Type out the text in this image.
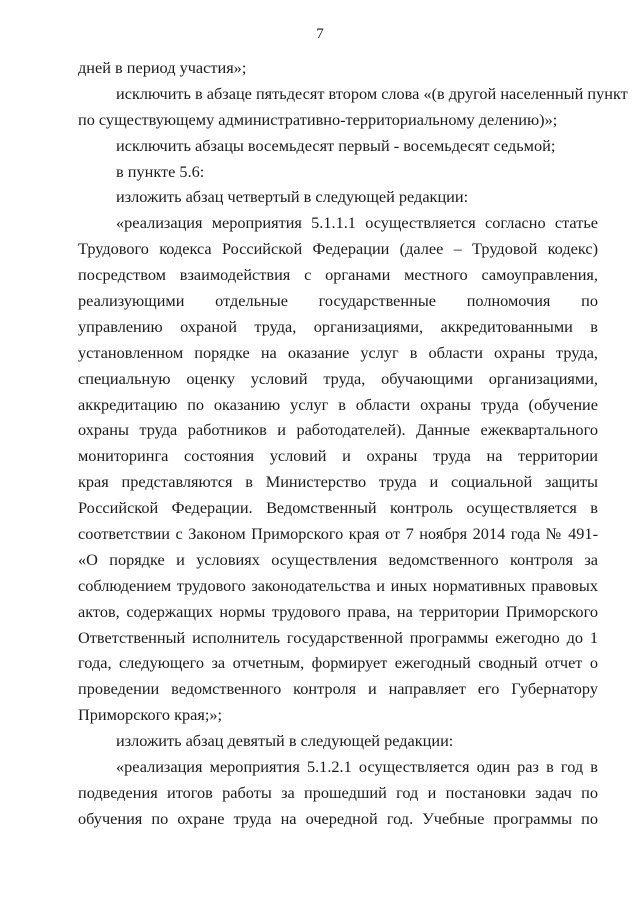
7
дней в период участия»;
исключить в абзаце пятьдесят втором слова «(в другой населенный пункт
по существующему административно-территориальному делению)»;
исключить абзацы восемьдесят первый - восемьдесят седьмой;
в пункте 5.6:
изложить абзац четвертый в следующей редакции:
«реализация мероприятия 5.1.1.1 осуществляется согласно статье
Трудового кодекса Российской Федерации (далее – Трудовой кодекс)
посредством взаимодействия с органами местного самоуправления,
реализующими отдельные государственные полномочия по
управлению охраной труда, организациями, аккредитованными в
установленном порядке на оказание услуг в области охраны труда,
специальную оценку условий труда, обучающими организациями,
аккредитацию по оказанию услуг в области охраны труда (обучение
охраны труда работников и работодателей). Данные ежеквартального
мониторинга состояния условий и охраны труда на территории
края представляются в Министерство труда и социальной защиты
Российской Федерации. Ведомственный контроль осуществляется в
соответствии с Законом Приморского края от 7 ноября 2014 года № 491-
«О порядке и условиях осуществления ведомственного контроля за
соблюдением трудового законодательства и иных нормативных правовых
актов, содержащих нормы трудового права, на территории Приморского
Ответственный исполнитель государственной программы ежегодно до 1
года, следующего за отчетным, формирует ежегодный сводный отчет о
проведении ведомственного контроля и направляет его Губернатору
Приморского края;»;
изложить абзац девятый в следующей редакции:
«реализация мероприятия 5.1.2.1 осуществляется один раз в год в
подведения итогов работы за прошедший год и постановки задач по
обучения по охране труда на очередной год. Учебные программы по
